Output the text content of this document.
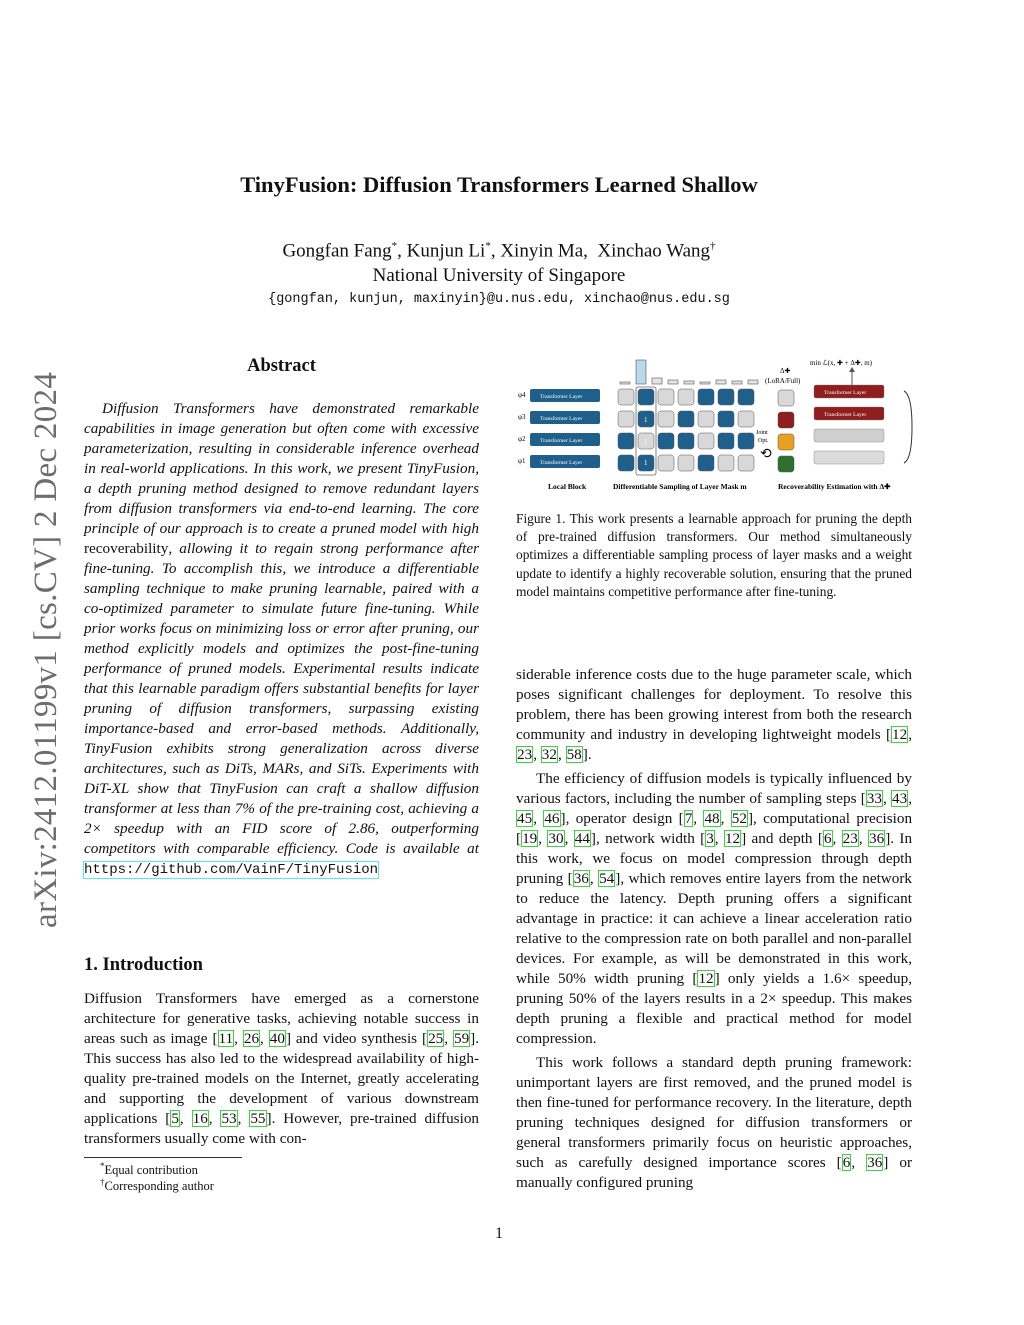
arXiv:2412.01199v1 [cs.CV] 2 Dec 2024
TinyFusion: Diffusion Transformers Learned Shallow
Gongfan Fang*, Kunjun Li*, Xinyin Ma,  Xinchao Wang†
National University of Singapore
{gongfan, kunjun, maxinyin}@u.nus.edu, xinchao@nus.edu.sg
Abstract

Diffusion Transformers have demonstrated remarkable capabilities in image generation but often come with excessive parameterization, resulting in considerable inference overhead in real-world applications. In this work, we present TinyFusion, a depth pruning method designed to remove redundant layers from diffusion transformers via end-to-end learning. The core principle of our approach is to create a pruned model with high recoverability, allowing it to regain strong performance after fine-tuning. To accomplish this, we introduce a differentiable sampling technique to make pruning learnable, paired with a co-optimized parameter to simulate future fine-tuning. While prior works focus on minimizing loss or error after pruning, our method explicitly models and optimizes the post-fine-tuning performance of pruned models. Experimental results indicate that this learnable paradigm offers substantial benefits for layer pruning of diffusion transformers, surpassing existing importance-based and error-based methods. Additionally, TinyFusion exhibits strong generalization across diverse architectures, such as DiTs, MARs, and SiTs. Experiments with DiT-XL show that TinyFusion can craft a shallow diffusion transformer at less than 7% of the pre-training cost, achieving a 2× speedup with an FID score of 2.86, outperforming competitors with comparable efficiency. Code is available at https://github.com/VainF/TinyFusion

1. Introduction

Diffusion Transformers have emerged as a cornerstone architecture for generative tasks, achieving notable success in areas such as image [11, 26, 40] and video synthesis [25, 59]. This success has also led to the widespread availability of high-quality pre-trained models on the Internet, greatly accelerating and supporting the development of various downstream applications [5, 16, 53, 55]. However, pre-trained diffusion transformers usually come with con-

*Equal contribution
†Corresponding author
φ4
φ3
φ2
φ1
Transformer Layer
Transformer Layer
Transformer Layer
Transformer Layer
1
1
1
Joint
Opt.
⟲
Δ✚
(LoRA/Full)
min ℒ(x, ✚ + Δ✚, m)
Transformer Layer
Transformer Layer
Local Block	Differentiable Sampling of Layer Mask m	Recoverability Estimation with Δ✚
Figure 1. This work presents a learnable approach for pruning the depth of pre-trained diffusion transformers. Our method simultaneously optimizes a differentiable sampling process of layer masks and a weight update to identify a highly recoverable solution, ensuring that the pruned model maintains competitive performance after fine-tuning.

siderable inference costs due to the huge parameter scale, which poses significant challenges for deployment. To resolve this problem, there has been growing interest from both the research community and industry in developing lightweight models [12, 23, 32, 58].

The efficiency of diffusion models is typically influenced by various factors, including the number of sampling steps [33, 43, 45, 46], operator design [7, 48, 52], computational precision [19, 30, 44], network width [3, 12] and depth [6, 23, 36]. In this work, we focus on model compression through depth pruning [36, 54], which removes entire layers from the network to reduce the latency. Depth pruning offers a significant advantage in practice: it can achieve a linear acceleration ratio relative to the compression rate on both parallel and non-parallel devices. For example, as will be demonstrated in this work, while 50% width pruning [12] only yields a 1.6× speedup, pruning 50% of the layers results in a 2× speedup. This makes depth pruning a flexible and practical method for model compression.

This work follows a standard depth pruning framework: unimportant layers are first removed, and the pruned model is then fine-tuned for performance recovery. In the literature, depth pruning techniques designed for diffusion transformers or general transformers primarily focus on heuristic approaches, such as carefully designed importance scores [6, 36] or manually configured pruning

1
